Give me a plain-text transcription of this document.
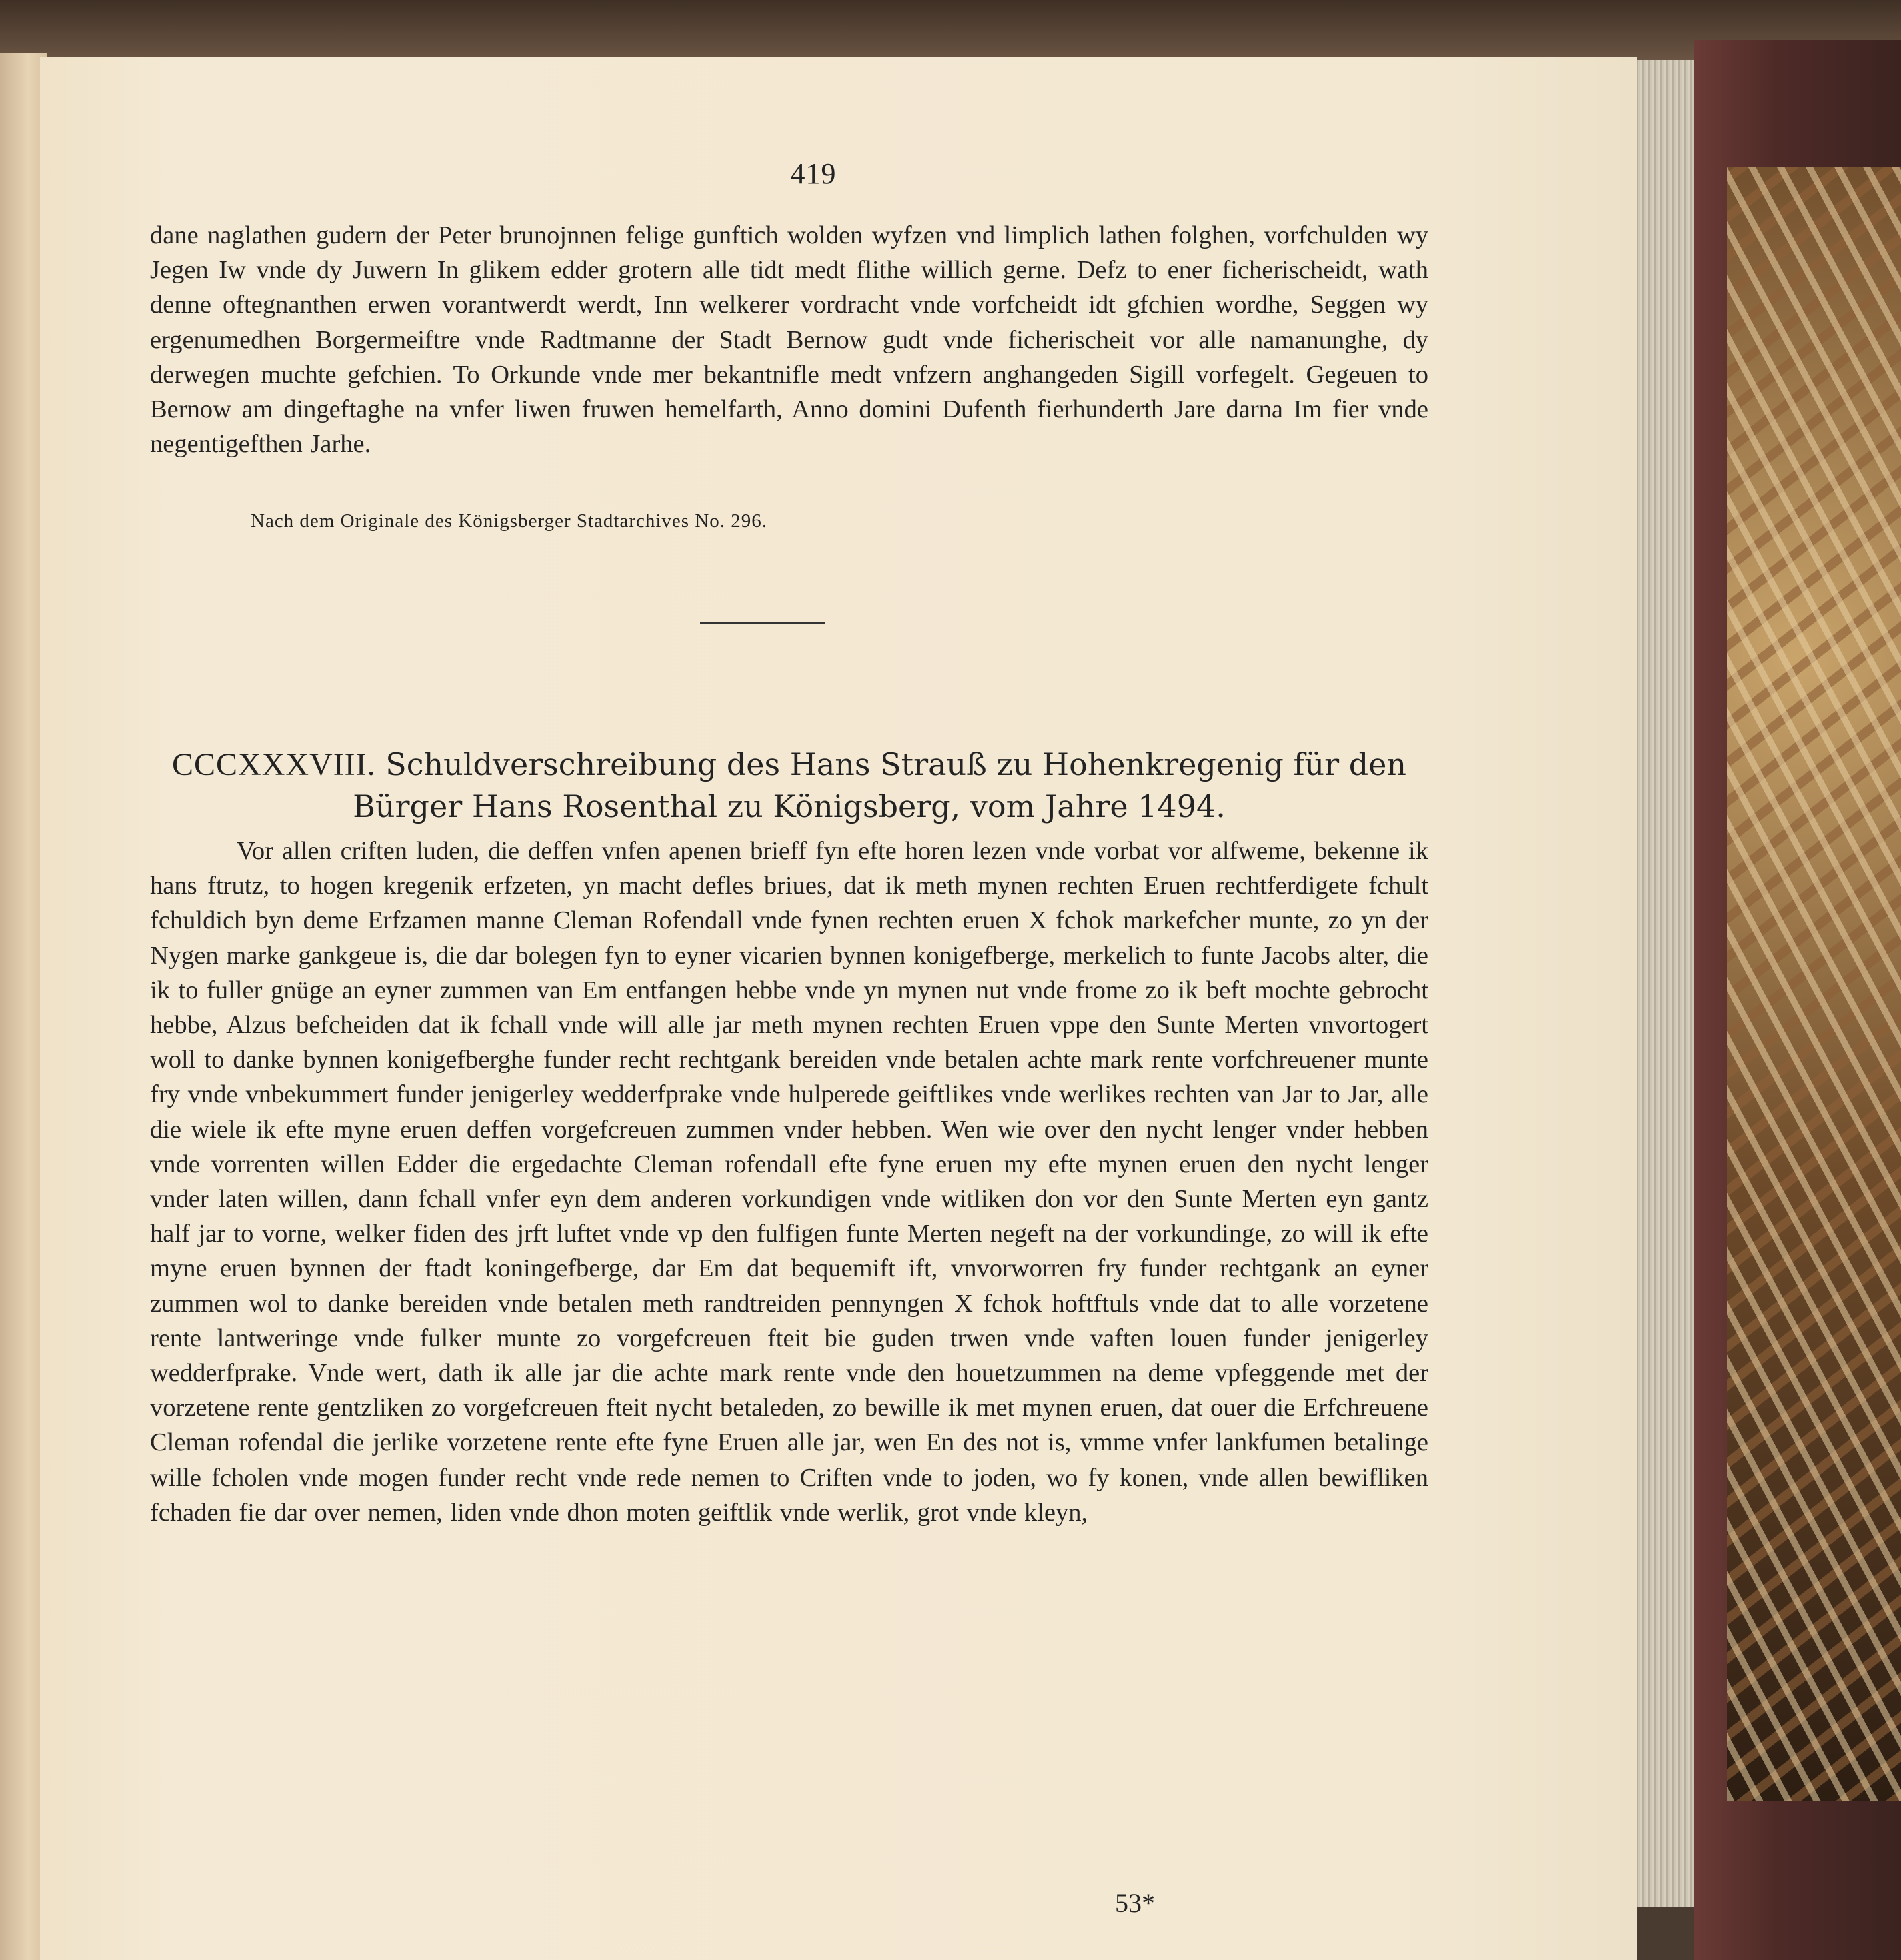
419

dane naglathen gudern der Peter brunojnnen felige gunftich wolden wyfzen vnd limplich lathen folghen, vorfchulden wy Jegen Iw vnde dy Juwern In glikem edder grotern alle tidt medt flithe willich gerne. Defz to ener ficherischeidt, wath denne oftegnanthen erwen vorantwerdt werdt, Inn welkerer vordracht vnde vorfcheidt idt gfchien wordhe, Seggen wy ergenumedhen Borgermeiftre vnde Radtmanne der Stadt Bernow gudt vnde ficherischeit vor alle namanunghe, dy derwegen muchte gefchien. To Orkunde vnde mer bekantnifle medt vnfzern anghangeden Sigill vorfegelt. Gegeuen to Bernow am dingeftaghe na vnfer liwen fruwen hemelfarth, Anno domini Dufenth fierhunderth Jare darna Im fier vnde negentigefthen Jarhe.

Nach dem Originale des Königsberger Stadtarchives No. 296.
CCCXXXVIII. Schuldverschreibung des Hans Strauß zu Hohenkregenig für den Bürger Hans Rosenthal zu Königsberg, vom Jahre 1494.

Vor allen criften luden, die deffen vnfen apenen brieff fyn efte horen lezen vnde vorbat vor alfweme, bekenne ik hans ftrutz, to hogen kregenik erfzeten, yn macht defles briues, dat ik meth mynen rechten Eruen rechtferdigete fchult fchuldich byn deme Erfzamen manne Cleman Rofendall vnde fynen rechten eruen X fchok markefcher munte, zo yn der Nygen marke gankgeue is, die dar bolegen fyn to eyner vicarien bynnen konigefberge, merkelich to funte Jacobs alter, die ik to fuller gnüge an eyner zummen van Em entfangen hebbe vnde yn mynen nut vnde frome zo ik beft mochte gebrocht hebbe, Alzus befcheiden dat ik fchall vnde will alle jar meth mynen rechten Eruen vppe den Sunte Merten vnvortogert woll to danke bynnen konigefberghe funder recht rechtgank bereiden vnde betalen achte mark rente vorfchreuener munte fry vnde vnbekummert funder jenigerley wedderfprake vnde hulperede geiftlikes vnde werlikes rechten van Jar to Jar, alle die wiele ik efte myne eruen deffen vorgefcreuen zummen vnder hebben. Wen wie over den nycht lenger vnder hebben vnde vorrenten willen Edder die ergedachte Cleman rofendall efte fyne eruen my efte mynen eruen den nycht lenger vnder laten willen, dann fchall vnfer eyn dem anderen vorkundigen vnde witliken don vor den Sunte Merten eyn gantz half jar to vorne, welker fiden des jrft luftet vnde vp den fulfigen funte Merten negeft na der vorkundinge, zo will ik efte myne eruen bynnen der ftadt koningefberge, dar Em dat bequemift ift, vnvorworren fry funder rechtgank an eyner zummen wol to danke bereiden vnde betalen meth randtreiden pennyngen X fchok hoftftuls vnde dat to alle vorzetene rente lantweringe vnde fulker munte zo vorgefcreuen fteit bie guden trwen vnde vaften louen funder jenigerley wedderfprake. Vnde wert, dath ik alle jar die achte mark rente vnde den houetzummen na deme vpfeggende met der vorzetene rente gentzliken zo vorgefcreuen fteit nycht betaleden, zo bewille ik met mynen eruen, dat ouer die Erfchreuene Cleman rofendal die jerlike vorzetene rente efte fyne Eruen alle jar, wen En des not is, vmme vnfer lankfumen betalinge wille fcholen vnde mogen funder recht vnde rede nemen to Criften vnde to joden, wo fy konen, vnde allen bewifliken fchaden fie dar over nemen, liden vnde dhon moten geiftlik vnde werlik, grot vnde kleyn,

53*
